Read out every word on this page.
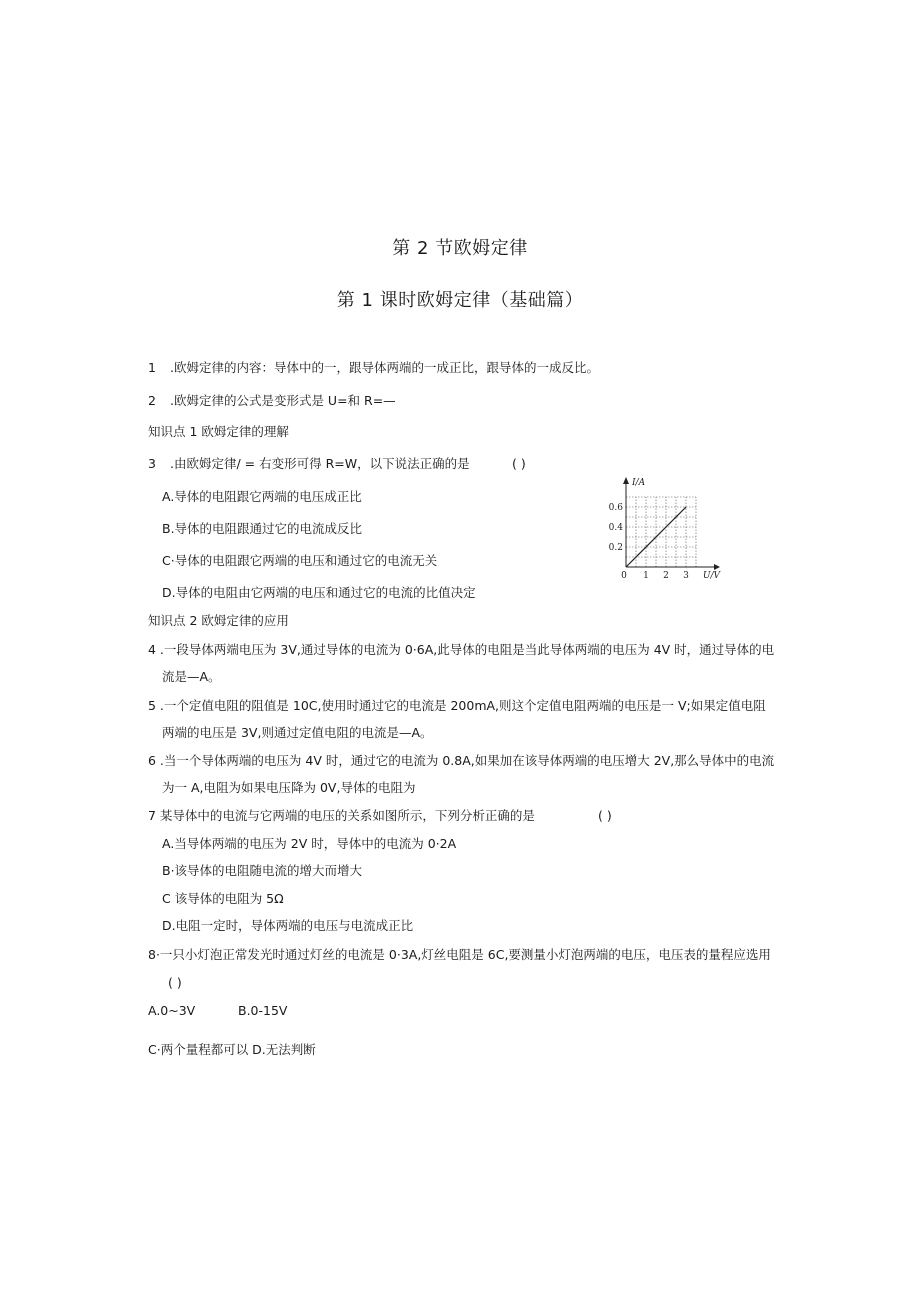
第 2 节欧姆定律
第 1 课时欧姆定律（基础篇）
1 .欧姆定律的内容：导体中的一，跟导体两端的一成正比，跟导体的一成反比。
2 .欧姆定律的公式是变形式是 U=和 R=—
知识点 1 欧姆定律的理解
3 .由欧姆定律/ = 右变形可得 R=W，以下说法正确的是	( )
A.导体的电阻跟它两端的电压成正比
B.导体的电阻跟通过它的电流成反比
C·导体的电阻跟它两端的电压和通过它的电流无关
D.导体的电阻由它两端的电压和通过它的电流的比值决定
0 1 2 3
0.2
0.4
0.6
I/A
U/V
知识点 2 欧姆定律的应用
4 .一段导体两端电压为 3V,通过导体的电流为 0·6A,此导体的电阻是当此导体两端的电压为 4V 时，通过导体的电
流是—A。
5 .一个定值电阻的阻值是 10C,使用时通过它的电流是 200mA,则这个定值电阻两端的电压是一 V;如果定值电阻
两端的电压是 3V,则通过定值电阻的电流是—A。
6 .当一个导体两端的电压为 4V 时，通过它的电流为 0.8A,如果加在该导体两端的电压增大 2V,那么导体中的电流
为一 A,电阻为如果电压降为 0V,导体的电阻为
7 某导体中的电流与它两端的电压的关系如图所示，下列分析正确的是	( )
A.当导体两端的电压为 2V 时，导体中的电流为 0·2A
B·该导体的电阻随电流的增大而增大
C 该导体的电阻为 5Ω
D.电阻一定时，导体两端的电压与电流成正比
8·一只小灯泡正常发光时通过灯丝的电流是 0·3A,灯丝电阻是 6C,要测量小灯泡两端的电压，电压表的量程应选用
( )
A.0~3V	B.0-15V
C·两个量程都可以 D.无法判断
